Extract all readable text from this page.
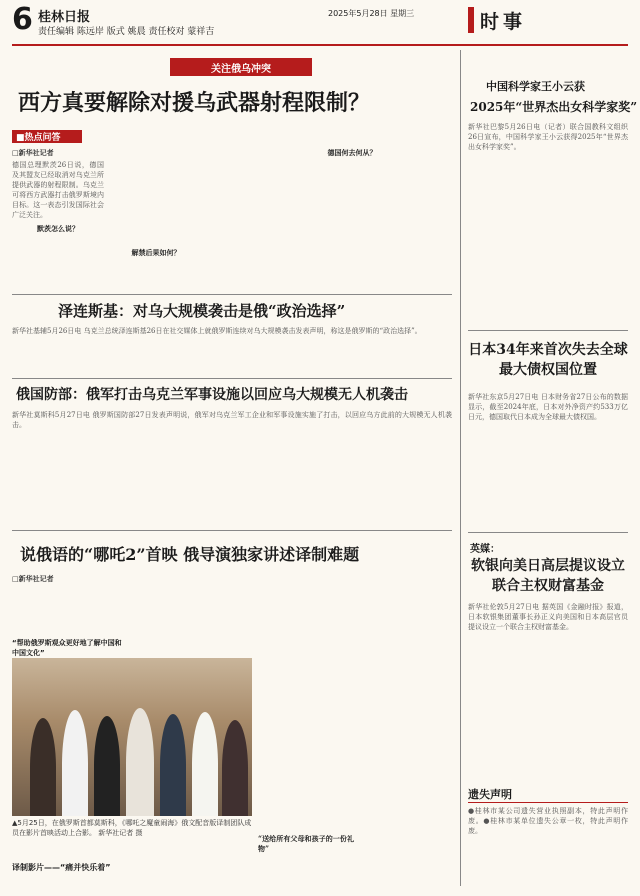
6 桂林日报
责任编辑 陈远岸 版式 姚晨 责任校对 蒙祥吉
2025年5月28日 星期三	时事
关注俄乌冲突
西方真要解除对援乌武器射程限制？
■热点问答

□新华社记者

德国总理默茨26日说，德国及其盟友已经取消对乌克兰所提供武器的射程限制。乌克兰可将西方武器打击俄罗斯境内目标。这一表态引发国际社会广泛关注。

默茨怎么说？

解禁后果如何？

德国何去何从？

泽连斯基：对乌大规模袭击是俄“政治选择”

新华社基辅5月26日电 乌克兰总统泽连斯基26日在社交媒体上就俄罗斯连续对乌大规模袭击发表声明，称这是俄罗斯的“政治选择”。

俄国防部：俄军打击乌克兰军事设施以回应乌大规模无人机袭击

新华社莫斯科5月27日电 俄罗斯国防部27日发表声明说，俄军对乌克兰军工企业和军事设施实施了打击，以回应乌方此前的大规模无人机袭击。

说俄语的“哪吒2”首映 俄导演独家讲述译制难题

□新华社记者

“帮助俄罗斯观众更好地了解中国和中国文化”

“送给所有父母和孩子的一份礼物”

▲5月25日，在俄罗斯首都莫斯科，《哪吒之魔童闹海》俄文配音版译制团队成员在影片首映活动上合影。 新华社记者 摄
译制影片——“痛并快乐着”
中国科学家王小云获
2025年“世界杰出女科学家奖”

新华社巴黎5月26日电（记者）联合国教科文组织26日宣布，中国科学家王小云获得2025年“世界杰出女科学家奖”。

日本34年来首次失去全球最大债权国位置

新华社东京5月27日电 日本财务省27日公布的数据显示，截至2024年底，日本对外净资产约533万亿日元，德国取代日本成为全球最大债权国。

英媒：
软银向美日高层提议设立联合主权财富基金

新华社伦敦5月27日电 据英国《金融时报》报道，日本软银集团董事长孙正义向美国和日本高层官员提议设立一个联合主权财富基金。

遗失声明

●桂林市某公司遗失营业执照副本，特此声明作废。●桂林市某单位遗失公章一枚，特此声明作废。
